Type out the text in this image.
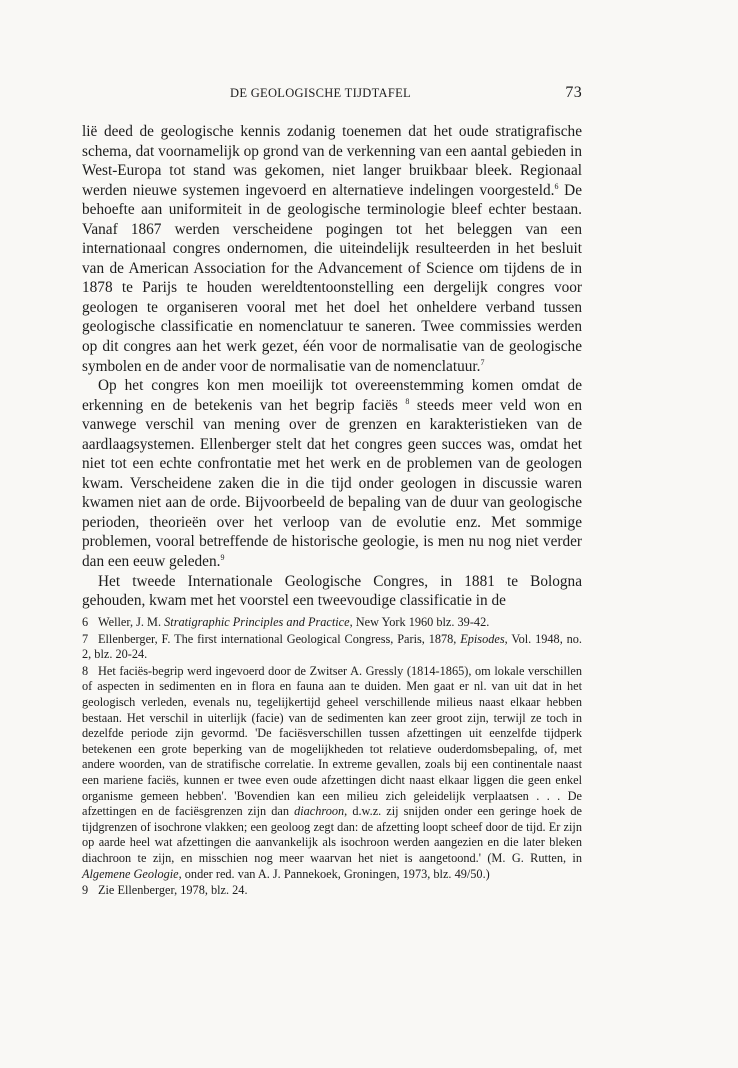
DE GEOLOGISCHE TIJDTAFEL	73

lië deed de geologische kennis zodanig toenemen dat het oude stratigrafische schema, dat voornamelijk op grond van de verkenning van een aantal gebieden in West-Europa tot stand was gekomen, niet langer bruikbaar bleek. Regionaal werden nieuwe systemen ingevoerd en alternatieve indelingen voorgesteld.$^6$ De behoefte aan uniformiteit in de geologische terminologie bleef echter bestaan. Vanaf 1867 werden verscheidene pogingen tot het beleggen van een internationaal congres ondernomen, die uiteindelijk resulteerden in het besluit van de American Association for the Advancement of Science om tijdens de in 1878 te Parijs te houden wereldtentoonstelling een dergelijk congres voor geologen te organiseren vooral met het doel het onheldere verband tussen geologische classificatie en nomenclatuur te saneren. Twee commissies werden op dit congres aan het werk gezet, één voor de normalisatie van de geologische symbolen en de ander voor de normalisatie van de nomenclatuur.$^7$

Op het congres kon men moeilijk tot overeenstemming komen omdat de erkenning en de betekenis van het begrip faciës $^8$ steeds meer veld won en vanwege verschil van mening over de grenzen en karakteristieken van de aardlaagsystemen. Ellenberger stelt dat het congres geen succes was, omdat het niet tot een echte confrontatie met het werk en de problemen van de geologen kwam. Verscheidene zaken die in die tijd onder geologen in discussie waren kwamen niet aan de orde. Bijvoorbeeld de bepaling van de duur van geologische perioden, theorieën over het verloop van de evolutie enz. Met sommige problemen, vooral betreffende de historische geologie, is men nu nog niet verder dan een eeuw geleden.$^9$

Het tweede Internationale Geologische Congres, in 1881 te Bologna gehouden, kwam met het voorstel een tweevoudige classificatie in de

6 Weller, J. M. Stratigraphic Principles and Practice, New York 1960 blz. 39-42.
7 Ellenberger, F. The first international Geological Congress, Paris, 1878, Episodes, Vol. 1948, no. 2, blz. 20-24.
8 Het faciës-begrip werd ingevoerd door de Zwitser A. Gressly (1814-1865), om lokale verschillen of aspecten in sedimenten en in flora en fauna aan te duiden. Men gaat er nl. van uit dat in het geologisch verleden, evenals nu, tegelijkertijd geheel verschillende milieus naast elkaar hebben bestaan. Het verschil in uiterlijk (facie) van de sedimenten kan zeer groot zijn, terwijl ze toch in dezelfde periode zijn gevormd. 'De faciësverschillen tussen afzettingen uit eenzelfde tijdperk betekenen een grote beperking van de mogelijkheden tot relatieve ouderdomsbepaling, of, met andere woorden, van de stratifische correlatie. In extreme gevallen, zoals bij een continentale naast een mariene faciës, kunnen er twee even oude afzettingen dicht naast elkaar liggen die geen enkel organisme gemeen hebben'. 'Bovendien kan een milieu zich geleidelijk verplaatsen . . . De afzettingen en de faciësgrenzen zijn dan diachroon, d.w.z. zij snijden onder een geringe hoek de tijdgrenzen of isochrone vlakken; een geoloog zegt dan: de afzetting loopt scheef door de tijd. Er zijn op aarde heel wat afzettingen die aanvankelijk als isochroon werden aangezien en die later bleken diachroon te zijn, en misschien nog meer waarvan het niet is aangetoond.' (M. G. Rutten, in Algemene Geologie, onder red. van A. J. Pannekoek, Groningen, 1973, blz. 49/50.)
9 Zie Ellenberger, 1978, blz. 24.
